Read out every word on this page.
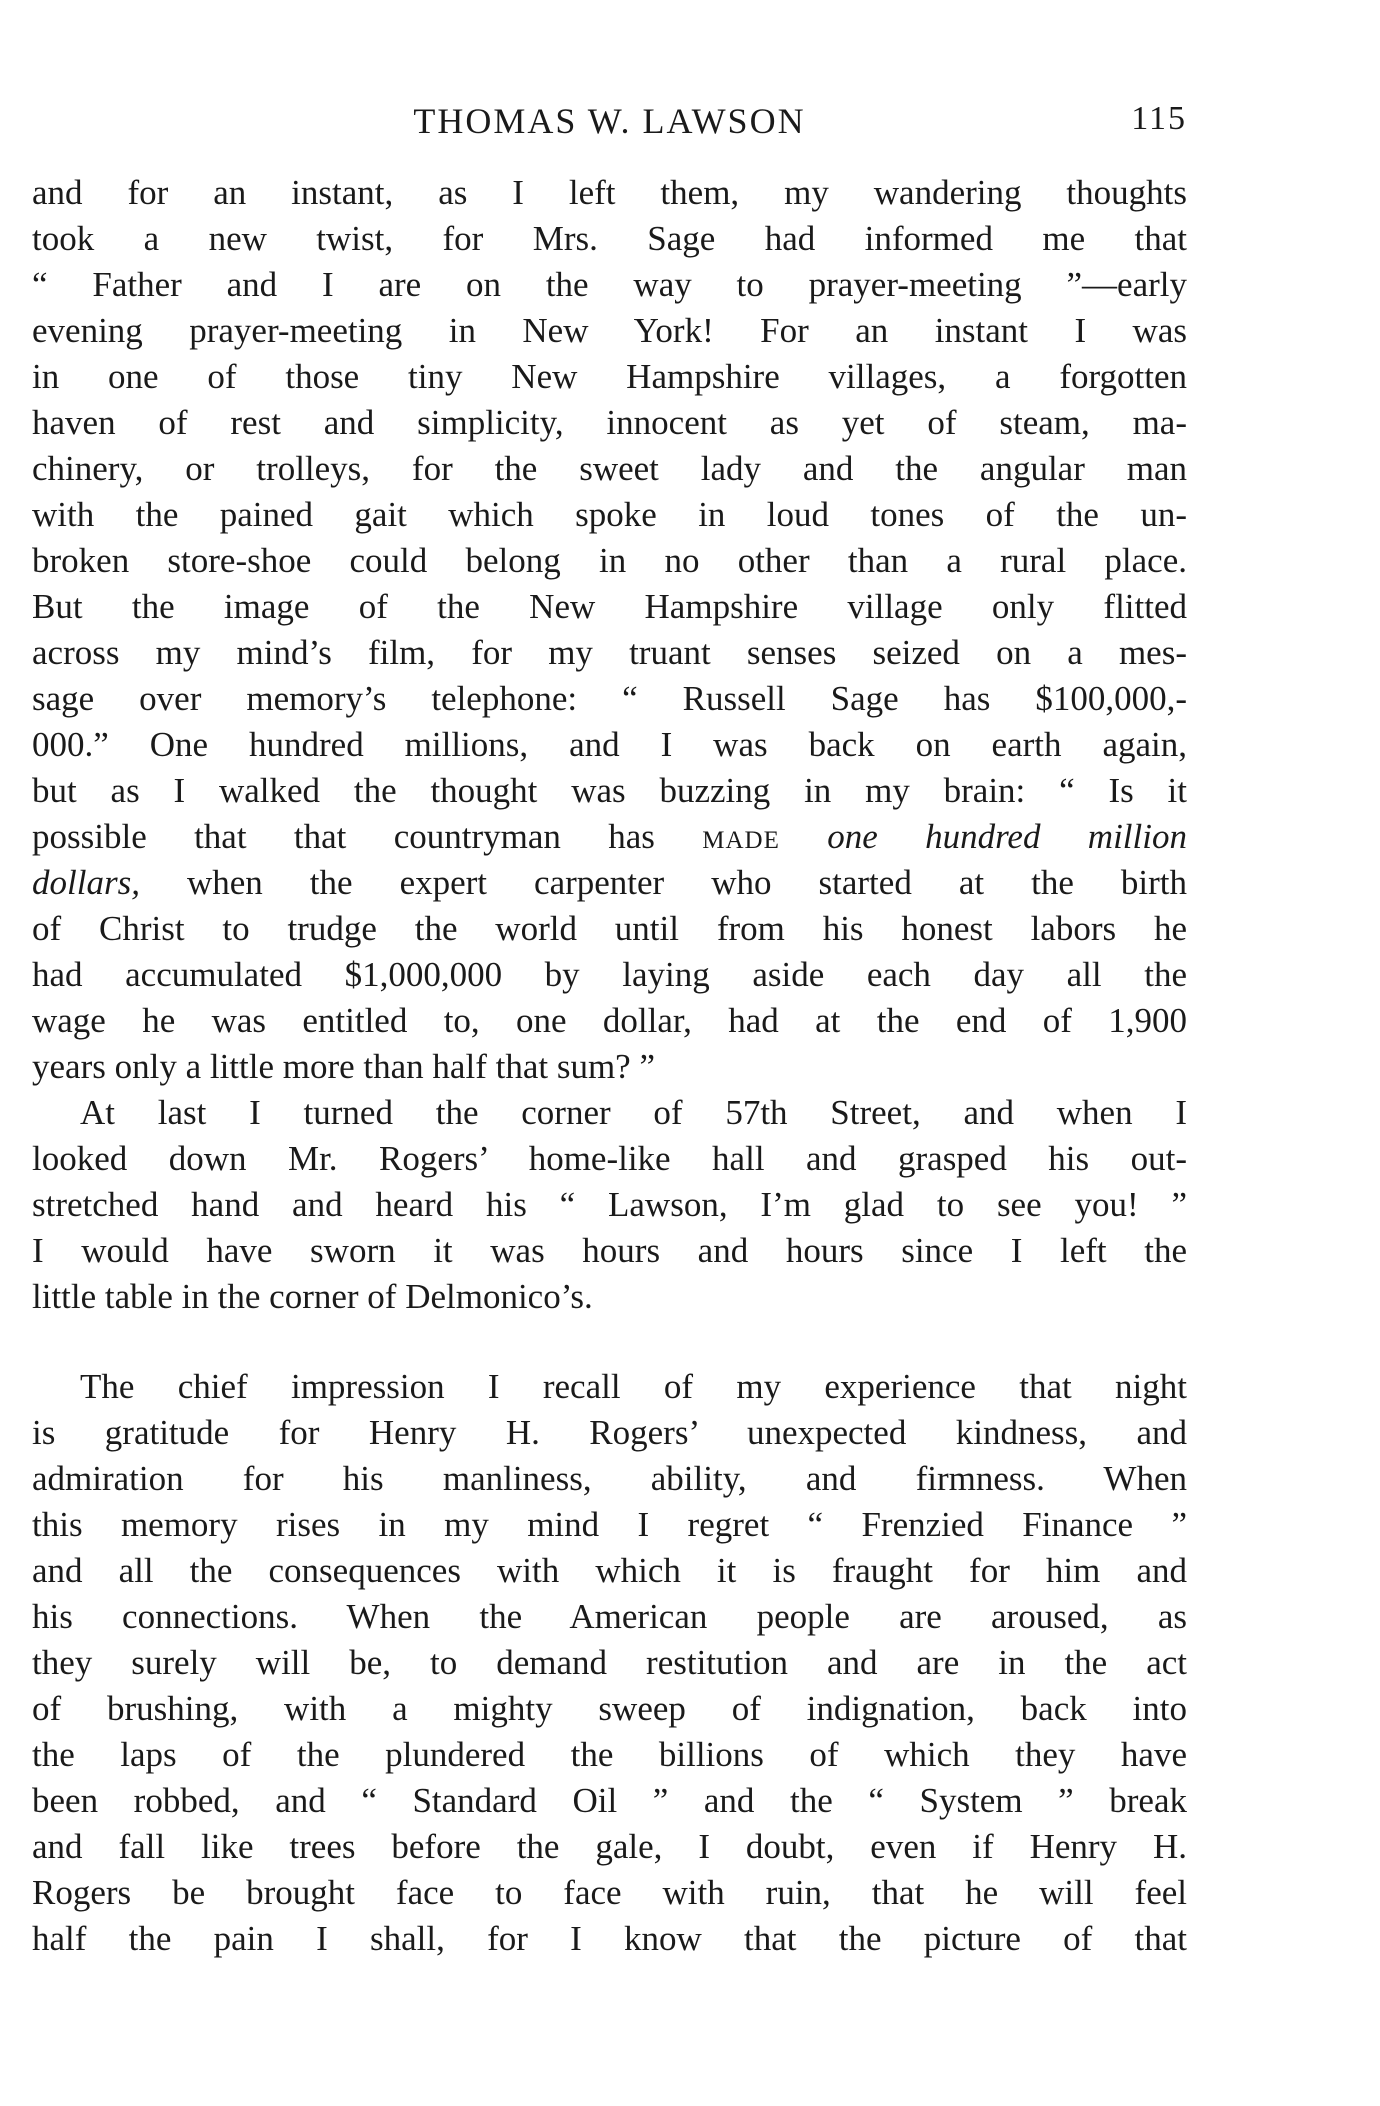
THOMAS W. LAWSON	115
and for an instant, as I left them, my wandering thoughts
took a new twist, for Mrs. Sage had informed me that
“ Father and I are on the way to prayer-meeting ”—early
evening prayer-meeting in New York! For an instant I was
in one of those tiny New Hampshire villages, a forgotten
haven of rest and simplicity, innocent as yet of steam, ma-
chinery, or trolleys, for the sweet lady and the angular man
with the pained gait which spoke in loud tones of the un-
broken store-shoe could belong in no other than a rural place.
But the image of the New Hampshire village only flitted
across my mind’s film, for my truant senses seized on a mes-
sage over memory’s telephone: “ Russell Sage has $100,000,-
000.” One hundred millions, and I was back on earth again,
but as I walked the thought was buzzing in my brain: “ Is it
possible that that countryman has made one hundred million
dollars, when the expert carpenter who started at the birth
of Christ to trudge the world until from his honest labors he
had accumulated $1,000,000 by laying aside each day all the
wage he was entitled to, one dollar, had at the end of 1,900
years only a little more than half that sum? ”
At last I turned the corner of 57th Street, and when I
looked down Mr. Rogers’ home-like hall and grasped his out-
stretched hand and heard his “ Lawson, I’m glad to see you! ”
I would have sworn it was hours and hours since I left the
little table in the corner of Delmonico’s.
The chief impression I recall of my experience that night
is gratitude for Henry H. Rogers’ unexpected kindness, and
admiration for his manliness, ability, and firmness. When
this memory rises in my mind I regret “ Frenzied Finance ”
and all the consequences with which it is fraught for him and
his connections. When the American people are aroused, as
they surely will be, to demand restitution and are in the act
of brushing, with a mighty sweep of indignation, back into
the laps of the plundered the billions of which they have
been robbed, and “ Standard Oil ” and the “ System ” break
and fall like trees before the gale, I doubt, even if Henry H.
Rogers be brought face to face with ruin, that he will feel
half the pain I shall, for I know that the picture of that
